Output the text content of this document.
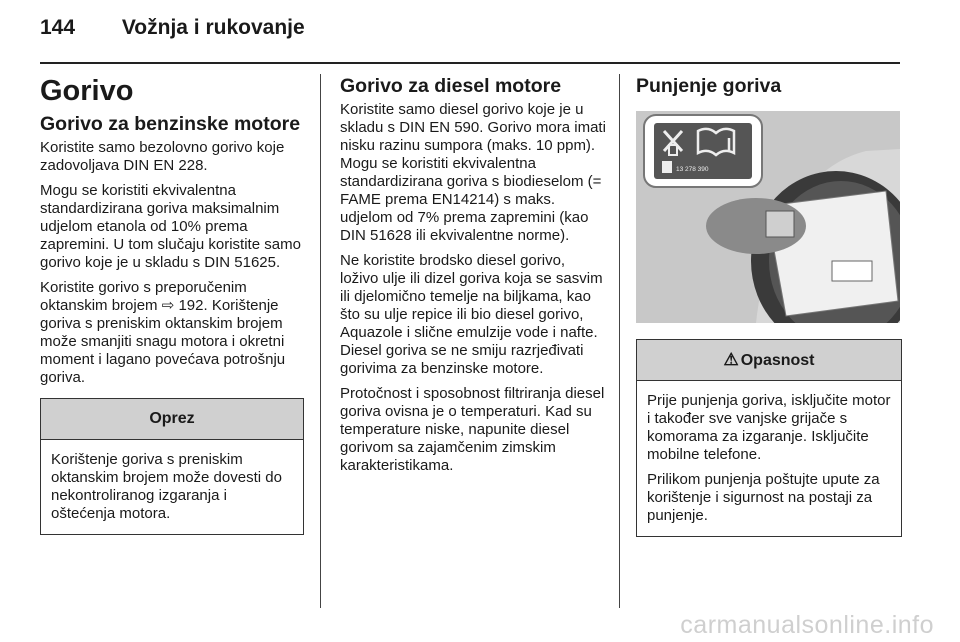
144 Vožnja i rukovanje
Gorivo
Gorivo za benzinske motore

Koristite samo bezolovno gorivo koje zadovoljava DIN EN 228.

Mogu se koristiti ekvivalentna standardizirana goriva maksimalnim udjelom etanola od 10% prema zapremini. U tom slučaju koristite samo gorivo koje je u skladu s DIN 51625.

Koristite gorivo s preporučenim oktanskim brojem ⇨ 192. Korištenje goriva s preniskim oktanskim brojem može smanjiti snagu motora i okretni moment i lagano povećava potrošnju goriva.

Oprez

Korištenje goriva s preniskim oktanskim brojem može dovesti do nekontroliranog izgaranja i oštećenja motora.

Gorivo za diesel motore

Koristite samo diesel gorivo koje je u skladu s DIN EN 590. Gorivo mora imati nisku razinu sumpora (maks. 10 ppm). Mogu se koristiti ekvivalentna standardizirana goriva s biodieselom (= FAME prema EN14214) s maks. udjelom od 7% prema zapremini (kao DIN 51628 ili ekvivalentne norme).

Ne koristite brodsko diesel gorivo, loživo ulje ili dizel goriva koja se sasvim ili djelomično temelje na biljkama, kao što su ulje repice ili bio diesel gorivo, Aquazole i slične emulzije vode i nafte. Diesel goriva se ne smiju razrjeđivati gorivima za benzinske motore.

Protočnost i sposobnost filtriranja diesel goriva ovisna je o temperaturi. Kad su temperature niske, napunite diesel gorivom sa zajamčenim zimskim karakteristikama.

Punjenje goriva
13 278 390
⚠ Opasnost

Prije punjenja goriva, isključite motor i također sve vanjske grijače s komorama za izgaranje. Isključite mobilne telefone.

Prilikom punjenja poštujte upute za korištenje i sigurnost na postaji za punjenje.

carmanualsonline.info
